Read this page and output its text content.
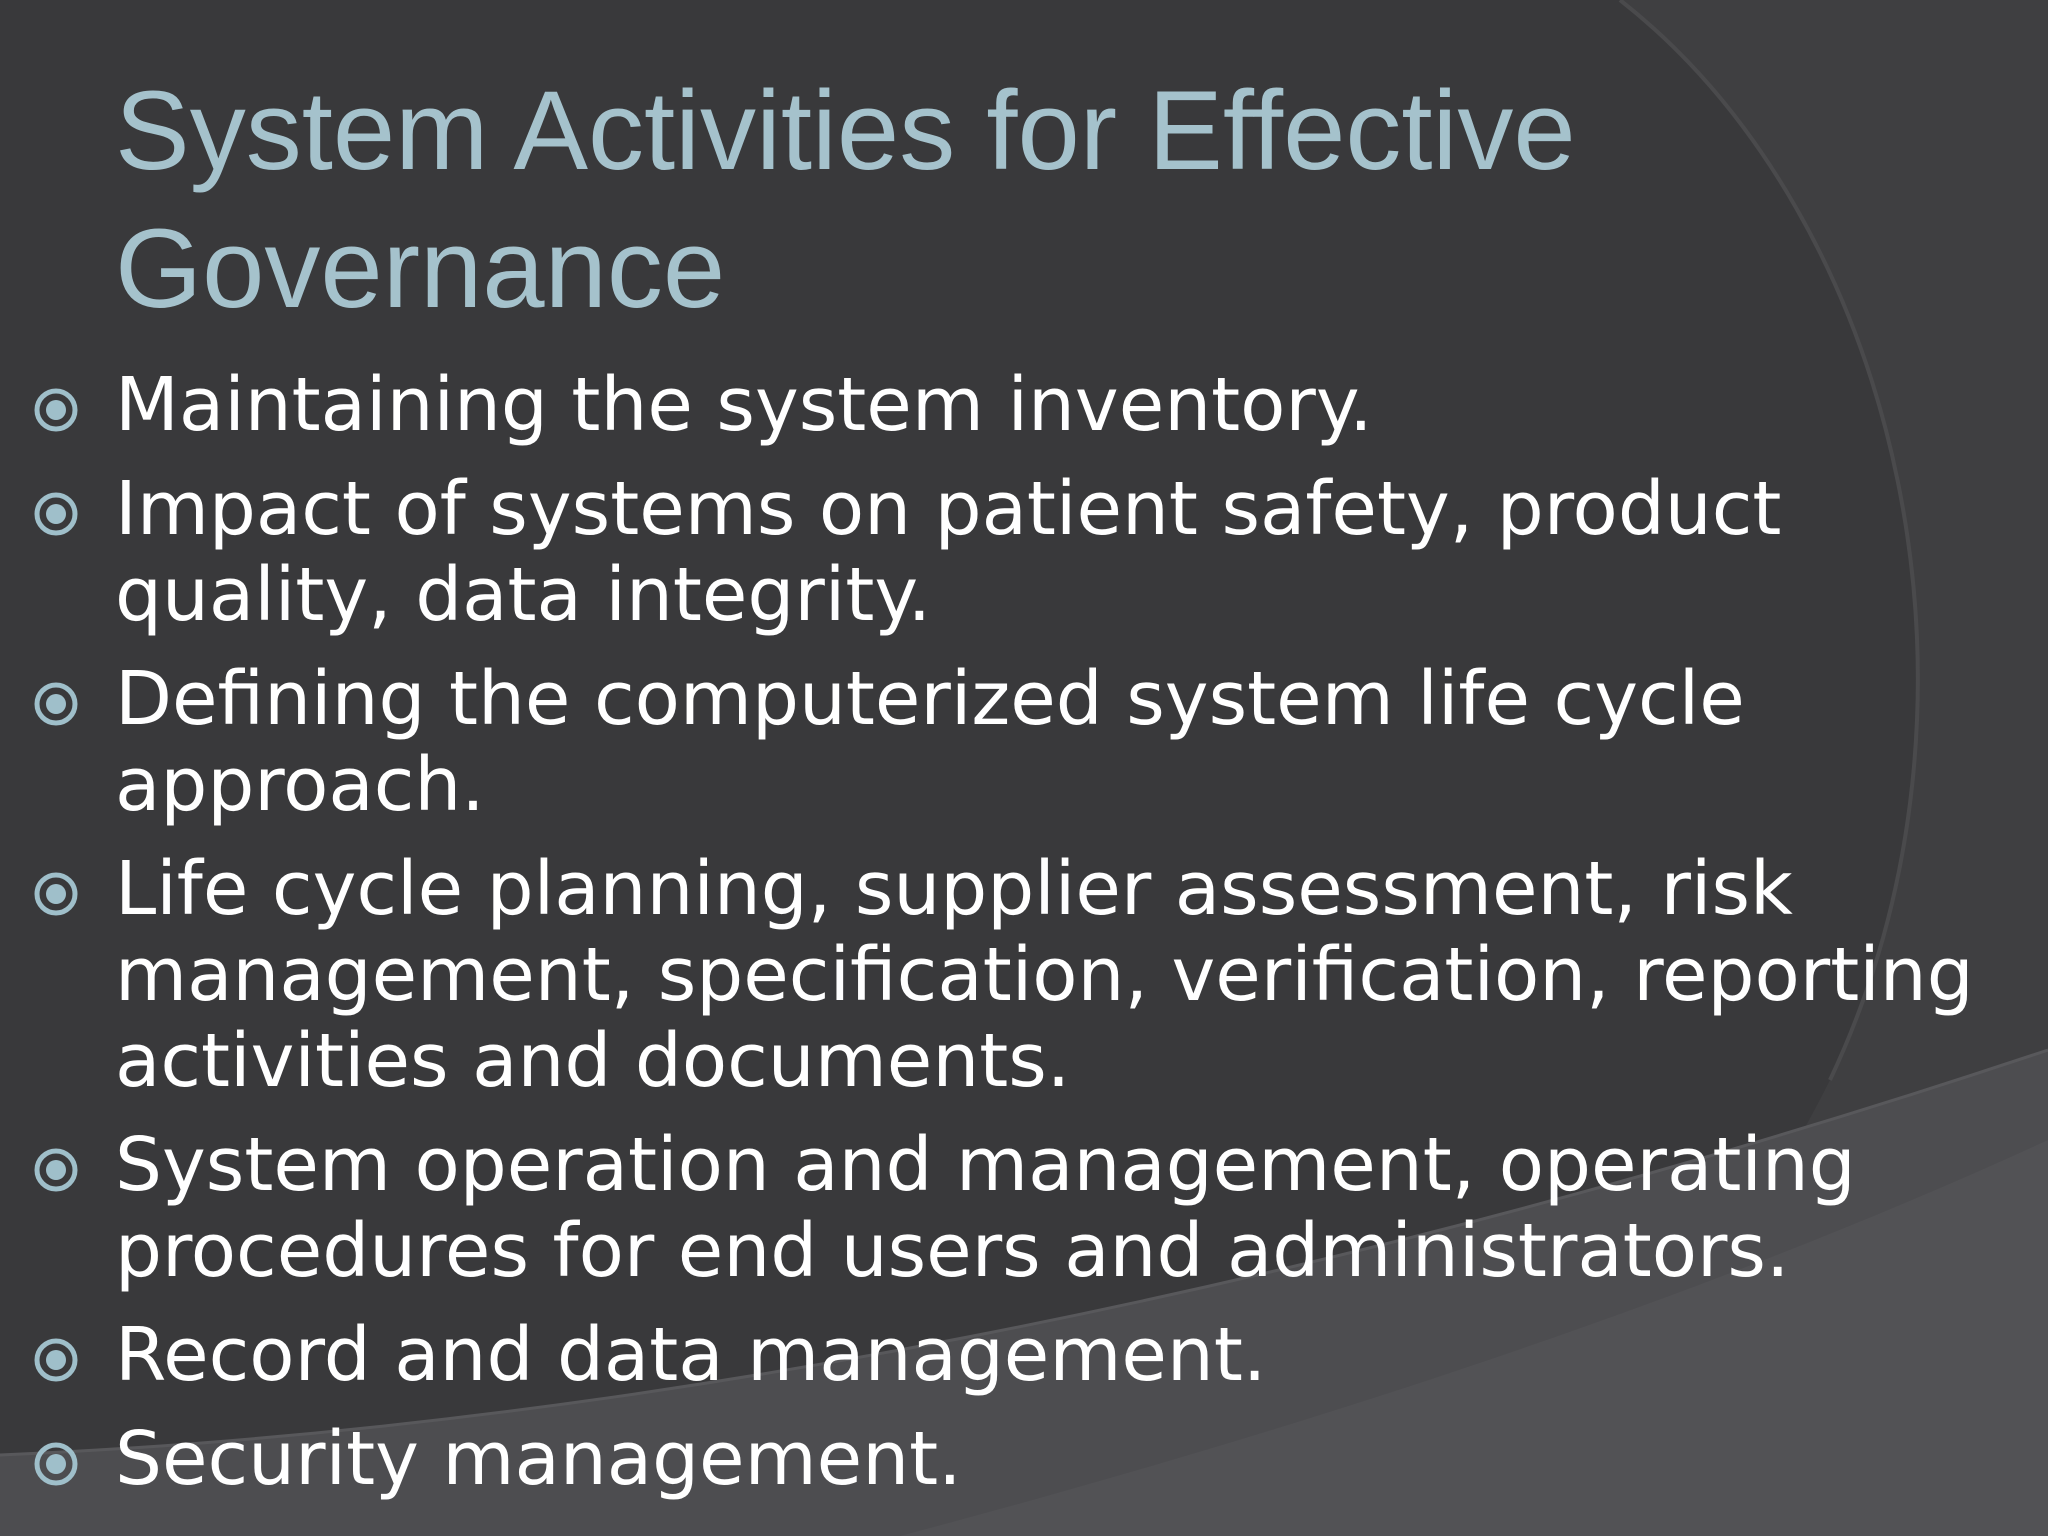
System Activities for Effective Governance
Maintaining the system inventory.
Impact of systems on patient safety, product quality, data integrity.
Defining the computerized system life cycle approach.
Life cycle planning, supplier assessment, risk management, specification, verification, reporting activities and documents.
System operation and management, operating procedures for end users and administrators.
Record and data management.
Security management.
